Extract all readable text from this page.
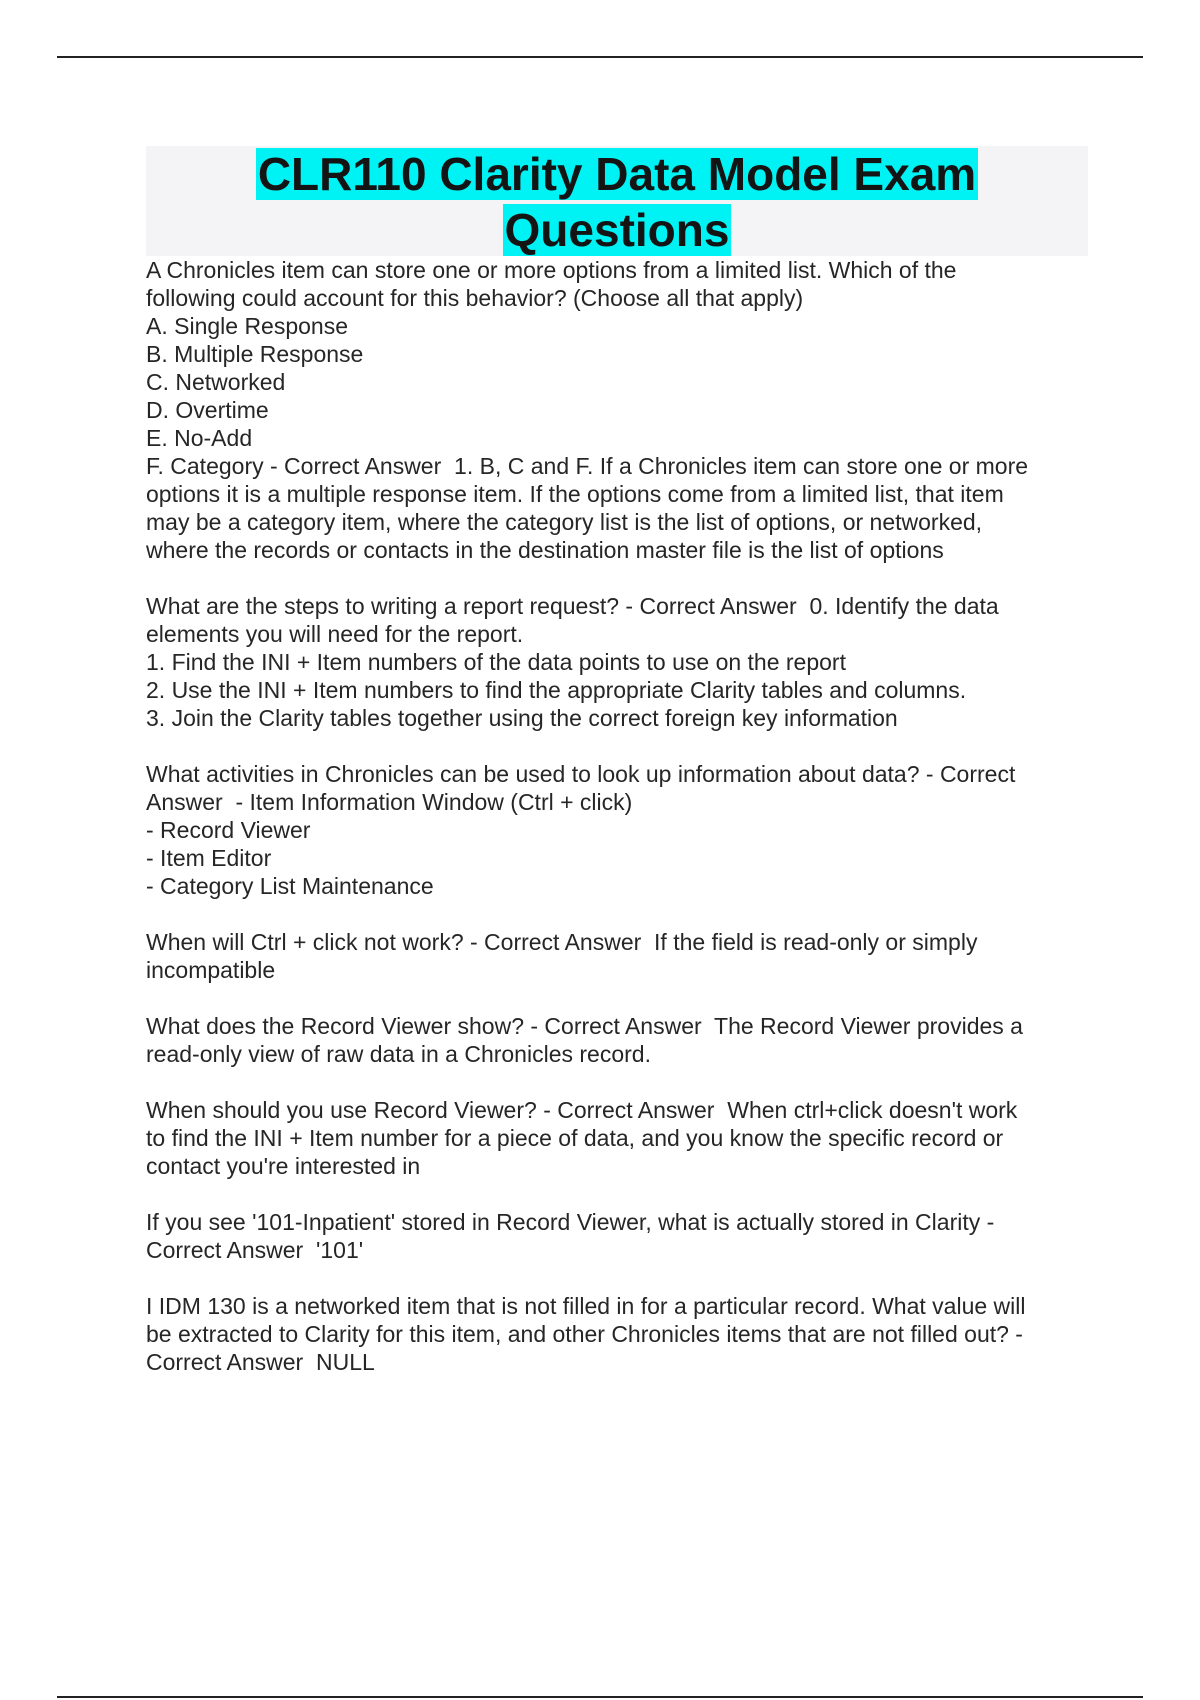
CLR110 Clarity Data Model Exam
Questions
A Chronicles item can store one or more options from a limited list. Which of the
following could account for this behavior? (Choose all that apply)
A. Single Response
B. Multiple Response
C. Networked
D. Overtime
E. No-Add
F. Category - Correct Answer  1. B, C and F. If a Chronicles item can store one or more
options it is a multiple response item. If the options come from a limited list, that item
may be a category item, where the category list is the list of options, or networked,
where the records or contacts in the destination master file is the list of options
What are the steps to writing a report request? - Correct Answer  0. Identify the data
elements you will need for the report.
1. Find the INI + Item numbers of the data points to use on the report
2. Use the INI + Item numbers to find the appropriate Clarity tables and columns.
3. Join the Clarity tables together using the correct foreign key information
What activities in Chronicles can be used to look up information about data? - Correct
Answer  - Item Information Window (Ctrl + click)
- Record Viewer
- Item Editor
- Category List Maintenance
When will Ctrl + click not work? - Correct Answer  If the field is read-only or simply
incompatible
What does the Record Viewer show? - Correct Answer  The Record Viewer provides a
read-only view of raw data in a Chronicles record.
When should you use Record Viewer? - Correct Answer  When ctrl+click doesn't work
to find the INI + Item number for a piece of data, and you know the specific record or
contact you're interested in
If you see '101-Inpatient' stored in Record Viewer, what is actually stored in Clarity -
Correct Answer  '101'
I IDM 130 is a networked item that is not filled in for a particular record. What value will
be extracted to Clarity for this item, and other Chronicles items that are not filled out? -
Correct Answer  NULL
